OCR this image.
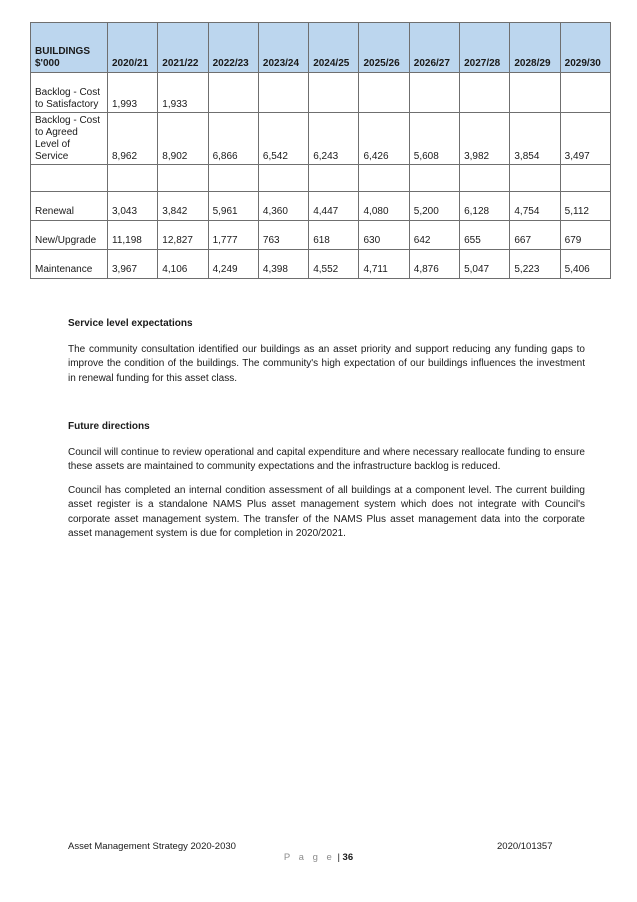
BUILDINGS $'000	2020/21	2021/22	2022/23	2023/24	2024/25	2025/26	2026/27	2027/28	2028/29	2029/30
Backlog - Cost to Satisfactory	1,993	1,933								
Backlog - Cost to Agreed Level of Service	8,962	8,902	6,866	6,542	6,243	6,426	5,608	3,982	3,854	3,497

Renewal	3,043	3,842	5,961	4,360	4,447	4,080	5,200	6,128	4,754	5,112
New/Upgrade	11,198	12,827	1,777	763	618	630	642	655	667	679
Maintenance	3,967	4,106	4,249	4,398	4,552	4,711	4,876	5,047	5,223	5,406
Service level expectations

The community consultation identified our buildings as an asset priority and support reducing any funding gaps to improve the condition of the buildings. The community's high expectation of our buildings influences the investment in renewal funding for this asset class.

Future directions

Council will continue to review operational and capital expenditure and where necessary reallocate funding to ensure these assets are maintained to community expectations and the infrastructure backlog is reduced.

Council has completed an internal condition assessment of all buildings at a component level. The current building asset register is a standalone NAMS Plus asset management system which does not integrate with Council's corporate asset management system. The transfer of the NAMS Plus asset management data into the corporate asset management system is due for completion in 2020/2021.

Asset Management Strategy 2020-2030	2020/101357
P a g e | 36
